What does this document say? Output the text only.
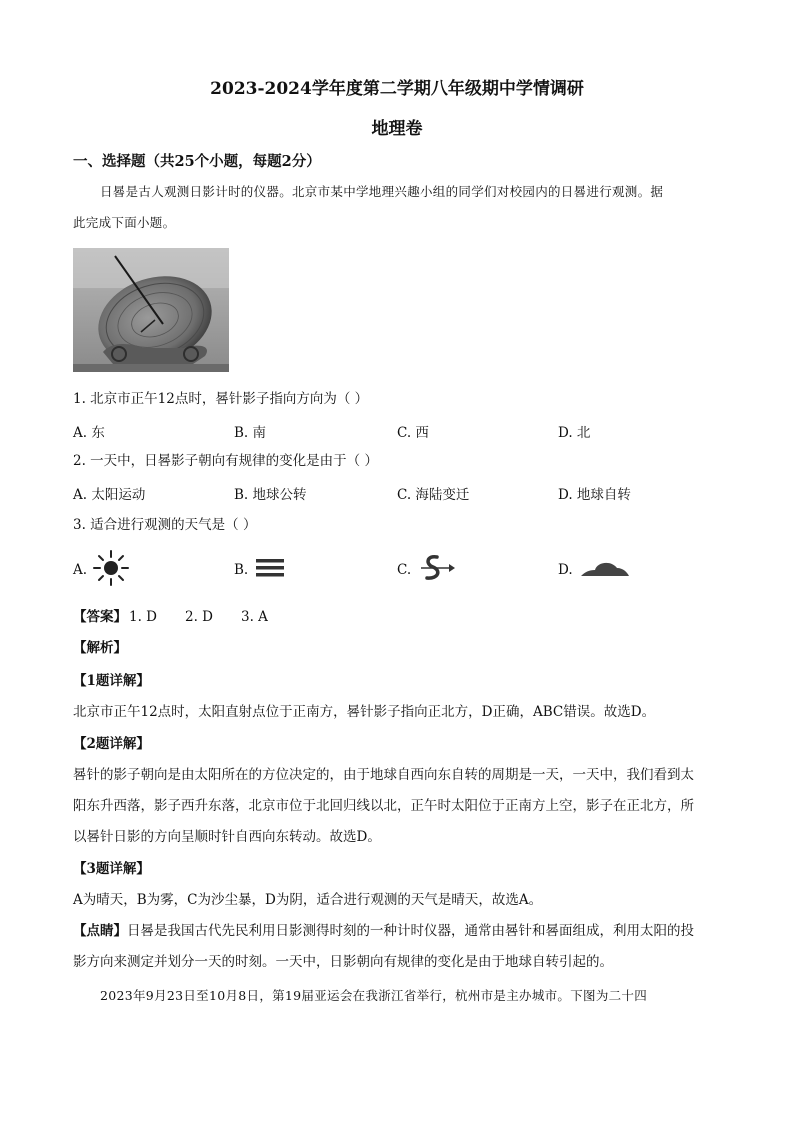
2023-2024学年度第二学期八年级期中学情调研
地理卷
一、选择题（共25个小题，每题2分）
日晷是古人观测日影计时的仪器。北京市某中学地理兴趣小组的同学们对校园内的日晷进行观测。据
此完成下面小题。
1. 北京市正午12点时，晷针影子指向方向为（ ）
A. 东	B. 南	C. 西	D. 北
2. 一天中，日晷影子朝向有规律的变化是由于（ ）
A. 太阳运动	B. 地球公转	C. 海陆变迁	D. 地球自转
3. 适合进行观测的天气是（ ）
A.	B.	C.	D.
【答案】 1. D 2. D 3. A
【解析】
【1题详解】
北京市正午12点时，太阳直射点位于正南方，晷针影子指向正北方，D正确，ABC错误。故选D。
【2题详解】
晷针的影子朝向是由太阳所在的方位决定的，由于地球自西向东自转的周期是一天，一天中，我们看到太
阳东升西落，影子西升东落，北京市位于北回归线以北，正午时太阳位于正南方上空，影子在正北方，所
以晷针日影的方向呈顺时针自西向东转动。故选D。
【3题详解】
A为晴天，B为雾，C为沙尘暴，D为阴，适合进行观测的天气是晴天，故选A。
【点睛】日晷是我国古代先民利用日影测得时刻的一种计时仪器，通常由晷针和晷面组成，利用太阳的投
影方向来测定并划分一天的时刻。一天中，日影朝向有规律的变化是由于地球自转引起的。
2023年9月23日至10月8日，第19届亚运会在我浙江省举行，杭州市是主办城市。下图为二十四
